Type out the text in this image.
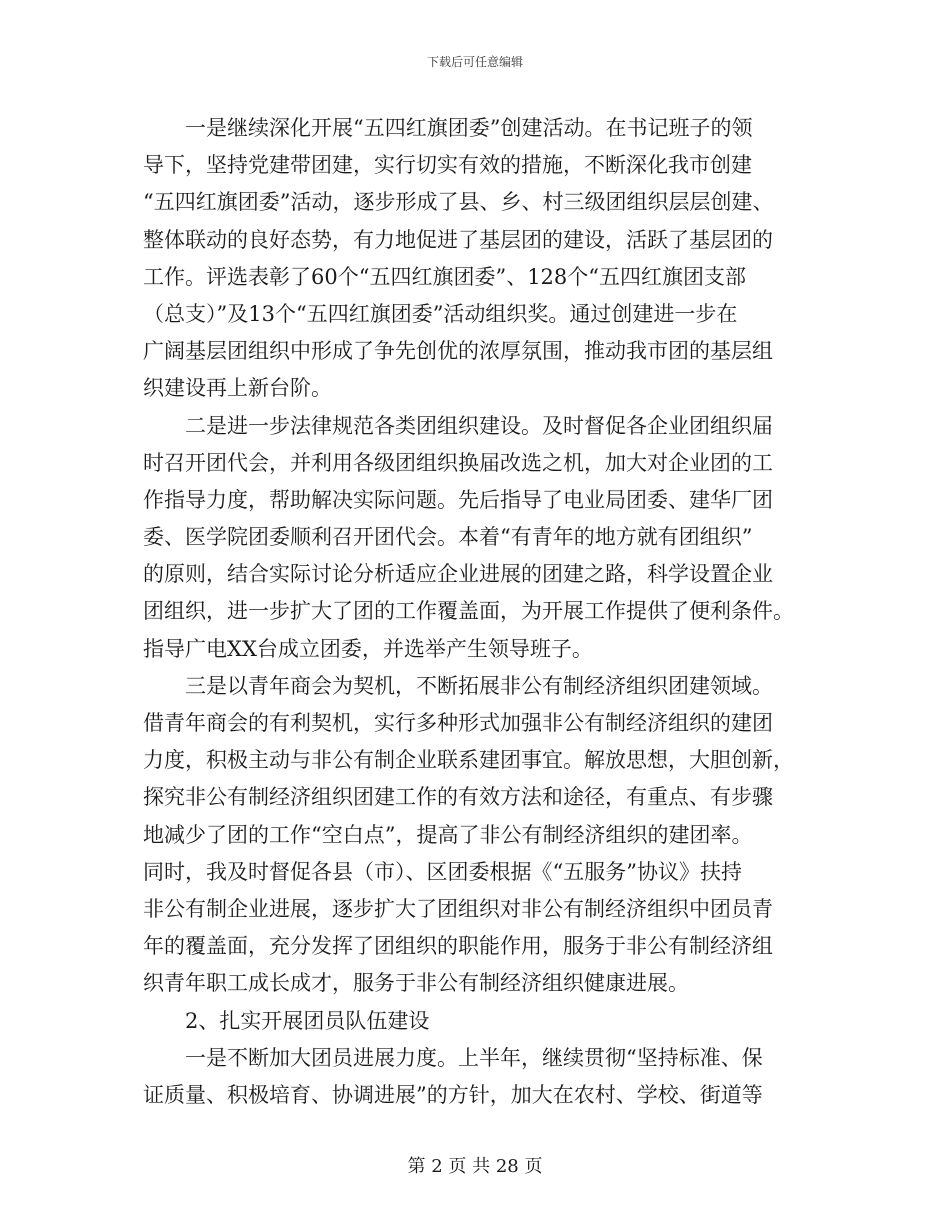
下载后可任意编辑
一是继续深化开展“五四红旗团委”创建活动。在书记班子的领
导下，坚持党建带团建，实行切实有效的措施，不断深化我市创建
“五四红旗团委”活动，逐步形成了县、乡、村三级团组织层层创建、
整体联动的良好态势，有力地促进了基层团的建设，活跃了基层团的
工作。评选表彰了60个“五四红旗团委”、128个“五四红旗团支部
（总支）”及13个“五四红旗团委”活动组织奖。通过创建进一步在
广阔基层团组织中形成了争先创优的浓厚氛围，推动我市团的基层组
织建设再上新台阶。
二是进一步法律规范各类团组织建设。及时督促各企业团组织届
时召开团代会，并利用各级团组织换届改选之机，加大对企业团的工
作指导力度，帮助解决实际问题。先后指导了电业局团委、建华厂团
委、医学院团委顺利召开团代会。本着“有青年的地方就有团组织”
的原则，结合实际讨论分析适应企业进展的团建之路，科学设置企业
团组织，进一步扩大了团的工作覆盖面，为开展工作提供了便利条件。
指导广电XX台成立团委，并选举产生领导班子。
三是以青年商会为契机，不断拓展非公有制经济组织团建领域。
借青年商会的有利契机，实行多种形式加强非公有制经济组织的建团
力度，积极主动与非公有制企业联系建团事宜。解放思想，大胆创新，
探究非公有制经济组织团建工作的有效方法和途径，有重点、有步骤
地减少了团的工作“空白点”，提高了非公有制经济组织的建团率。
同时，我及时督促各县（市）、区团委根据《“五服务”协议》扶持
非公有制企业进展，逐步扩大了团组织对非公有制经济组织中团员青
年的覆盖面，充分发挥了团组织的职能作用，服务于非公有制经济组
织青年职工成长成才，服务于非公有制经济组织健康进展。
2、扎实开展团员队伍建设
一是不断加大团员进展力度。上半年，继续贯彻“坚持标准、保
证质量、积极培育、协调进展”的方针，加大在农村、学校、街道等
第 2 页 共 28 页
